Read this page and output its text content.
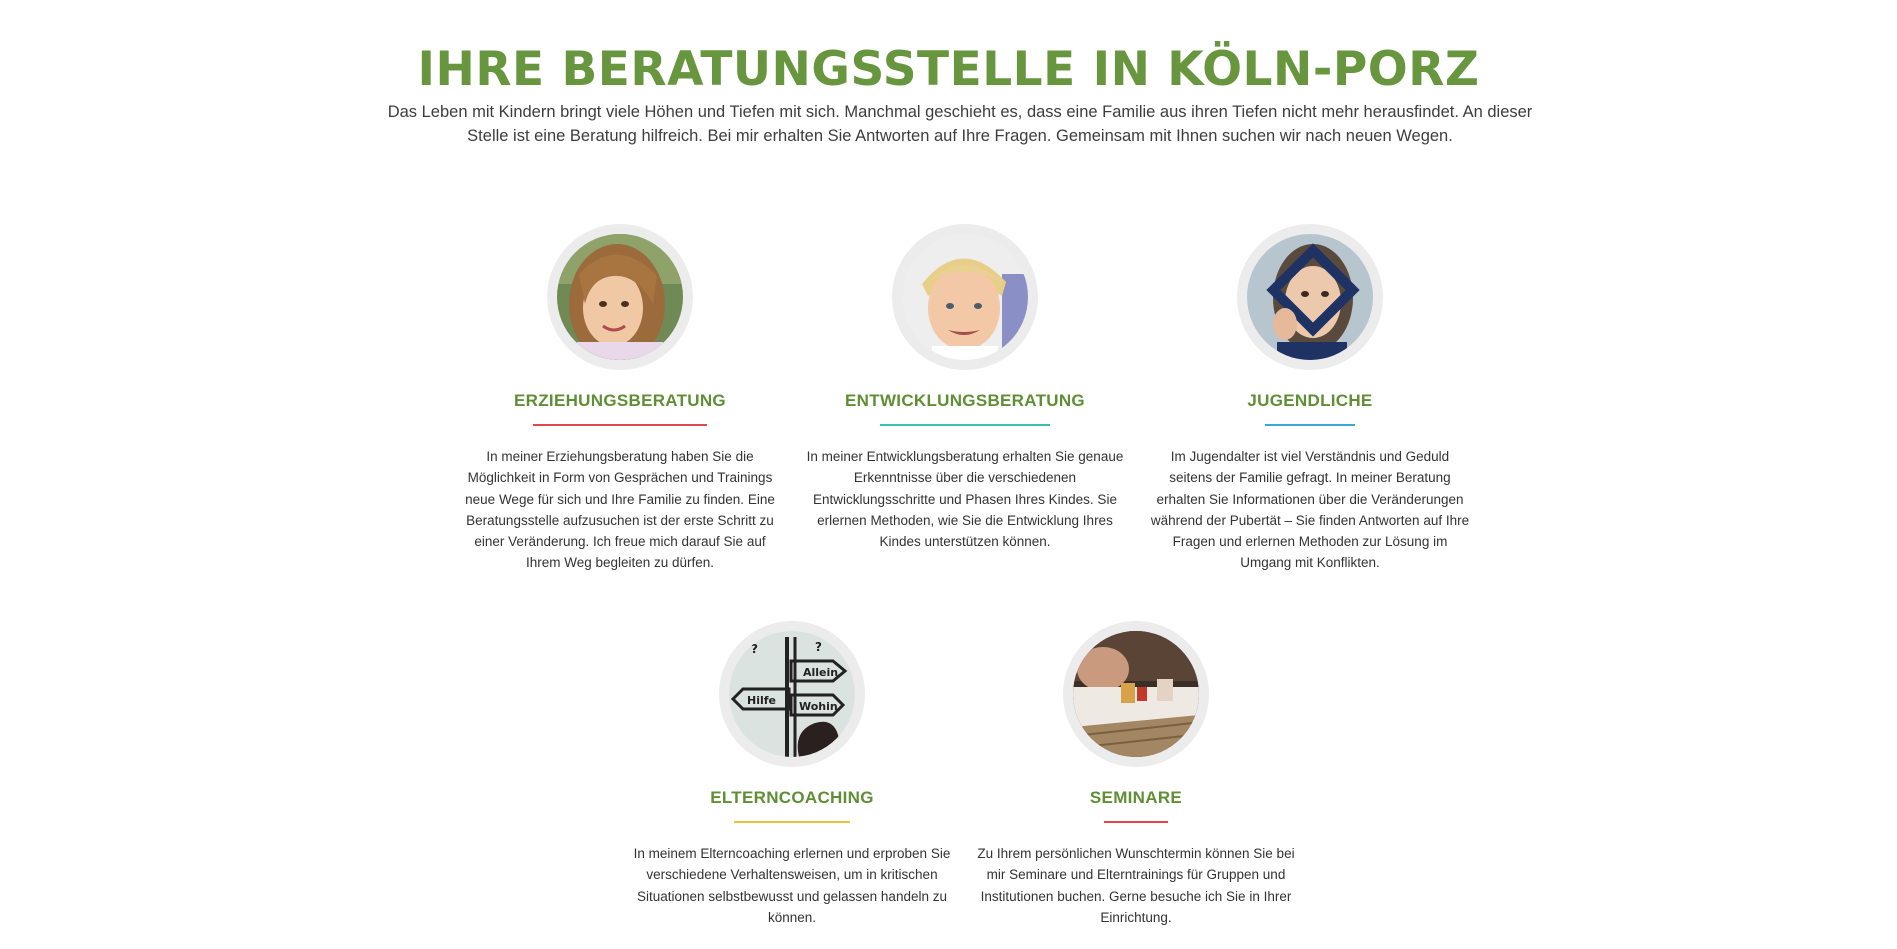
IHRE BERATUNGSSTELLE IN KÖLN-PORZ

Das Leben mit Kindern bringt viele Höhen und Tiefen mit sich. Manchmal geschieht es, dass eine Familie aus ihren Tiefen nicht mehr herausfindet. An dieser Stelle ist eine Beratung hilfreich. Bei mir erhalten Sie Antworten auf Ihre Fragen. Gemeinsam mit Ihnen suchen wir nach neuen Wegen.

ERZIEHUNGSBERATUNG

In meiner Erziehungsberatung haben Sie die Möglichkeit in Form von Gesprächen und Trainings neue Wege für sich und Ihre Familie zu finden. Eine Beratungsstelle aufzusuchen ist der erste Schritt zu einer Veränderung. Ich freue mich darauf Sie auf Ihrem Weg begleiten zu dürfen.

ENTWICKLUNGSBERATUNG

In meiner Entwicklungsberatung erhalten Sie genaue Erkenntnisse über die verschiedenen Entwicklungsschritte und Phasen Ihres Kindes. Sie erlernen Methoden, wie Sie die Entwicklung Ihres Kindes unterstützen können.

JUGENDLICHE

Im Jugendalter ist viel Verständnis und Geduld seitens der Familie gefragt. In meiner Beratung erhalten Sie Informationen über die Veränderungen während der Pubertät – Sie finden Antworten auf Ihre Fragen und erlernen Methoden zur Lösung im Umgang mit Konflikten.

Allein
Hilfe Wohin
?	?
ELTERNCOACHING

In meinem Elterncoaching erlernen und erproben Sie verschiedene Verhaltensweisen, um in kritischen Situationen selbstbewusst und gelassen handeln zu können.

SEMINARE

Zu Ihrem persönlichen Wunschtermin können Sie bei mir Seminare und Elterntrainings für Gruppen und Institutionen buchen. Gerne besuche ich Sie in Ihrer Einrichtung.
